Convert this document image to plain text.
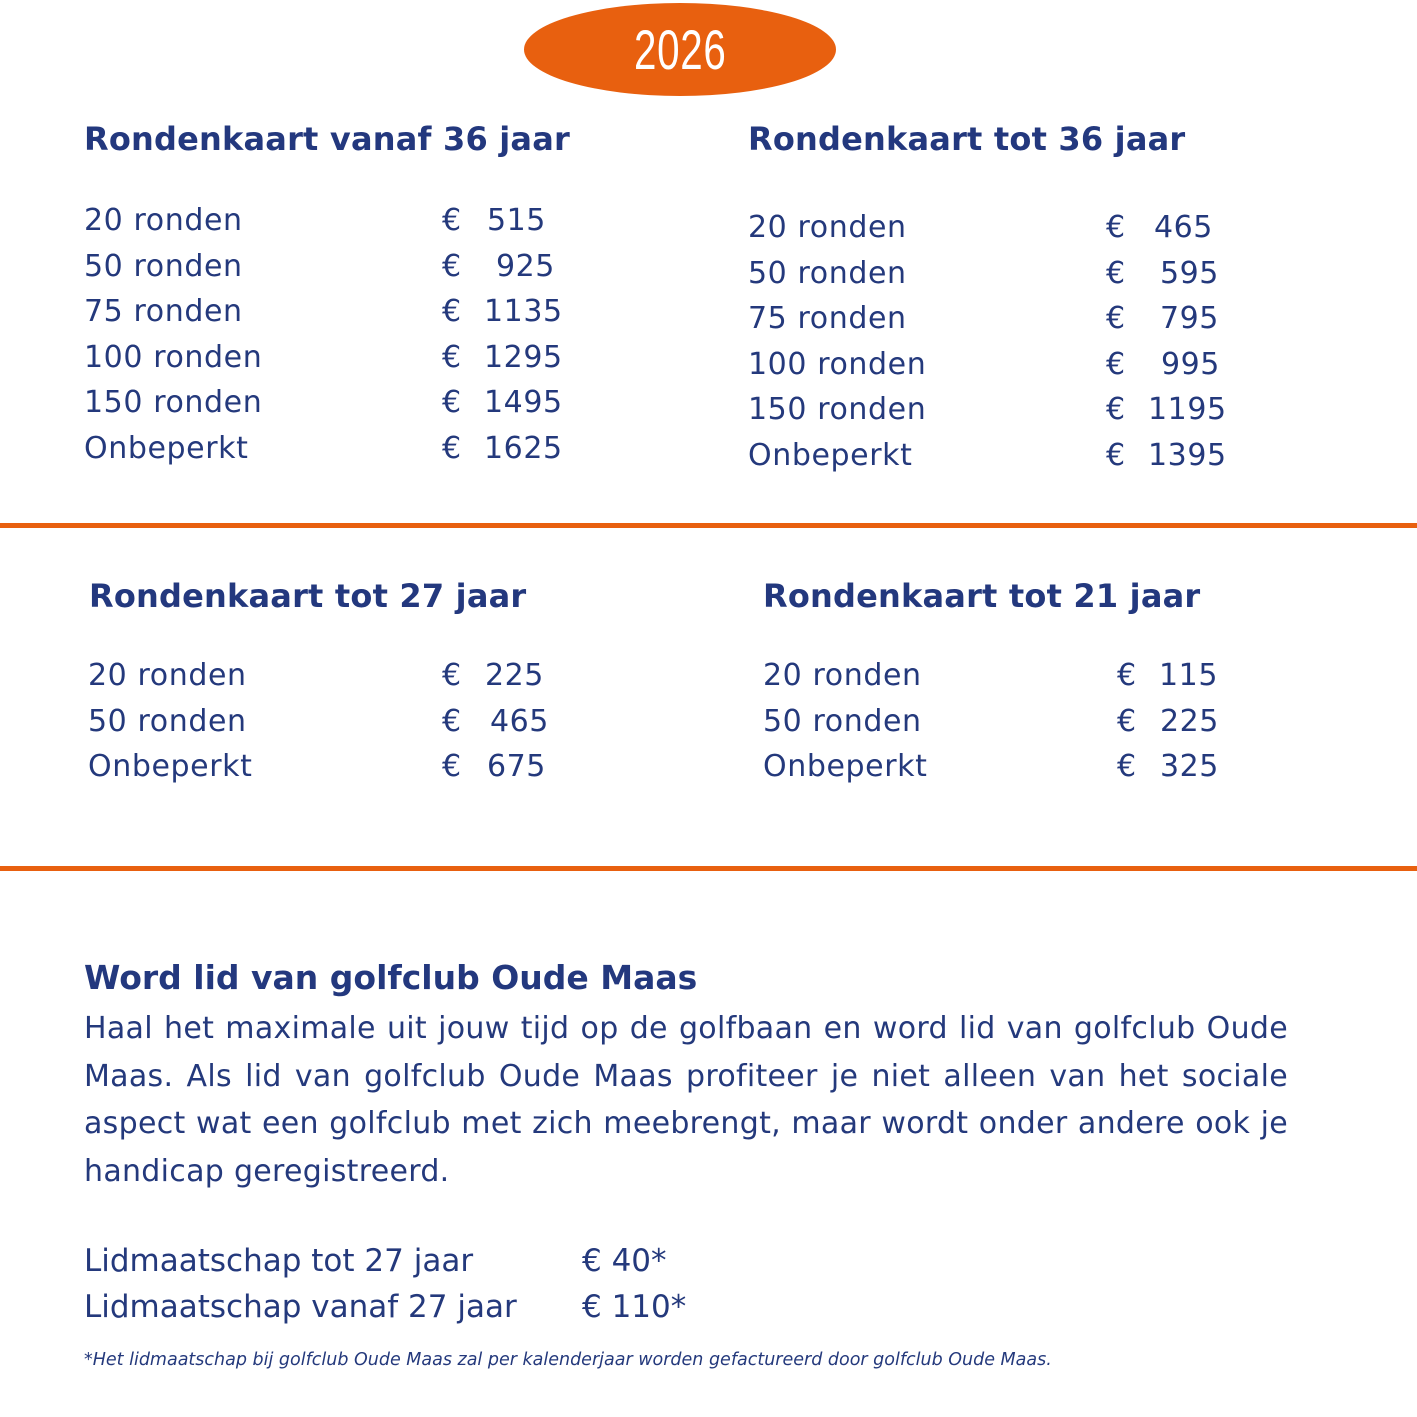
2026
Rondenkaart vanaf 36 jaar
20 ronden	€ 515
50 ronden	€	925
75 ronden	€ 1135
100 ronden	€ 1295
150 ronden	€ 1495
Onbeperkt	€ 1625
Rondenkaart tot 36 jaar
20 ronden	€ 465
50 ronden	€	595
75 ronden	€	795
100 ronden	€	995
150 ronden	€ 1195
Onbeperkt	€ 1395
Rondenkaart tot 27 jaar
20 ronden	€ 225
50 ronden	€ 465
Onbeperkt	€ 675
Rondenkaart tot 21 jaar
20 ronden	€ 115
50 ronden	€ 225
Onbeperkt	€ 325
Word lid van golfclub Oude Maas

Haal het maximale uit jouw tijd op de golfbaan en word lid van golfclub Oude Maas. Als lid van golfclub Oude Maas profiteer je niet alleen van het sociale aspect wat een golfclub met zich meebrengt, maar wordt onder andere ook je handicap geregistreerd.

Lidmaatschap tot 27 jaar	€ 40*
Lidmaatschap vanaf 27 jaar € 110*

*Het lidmaatschap bij golfclub Oude Maas zal per kalenderjaar worden gefactureerd door golfclub Oude Maas.
